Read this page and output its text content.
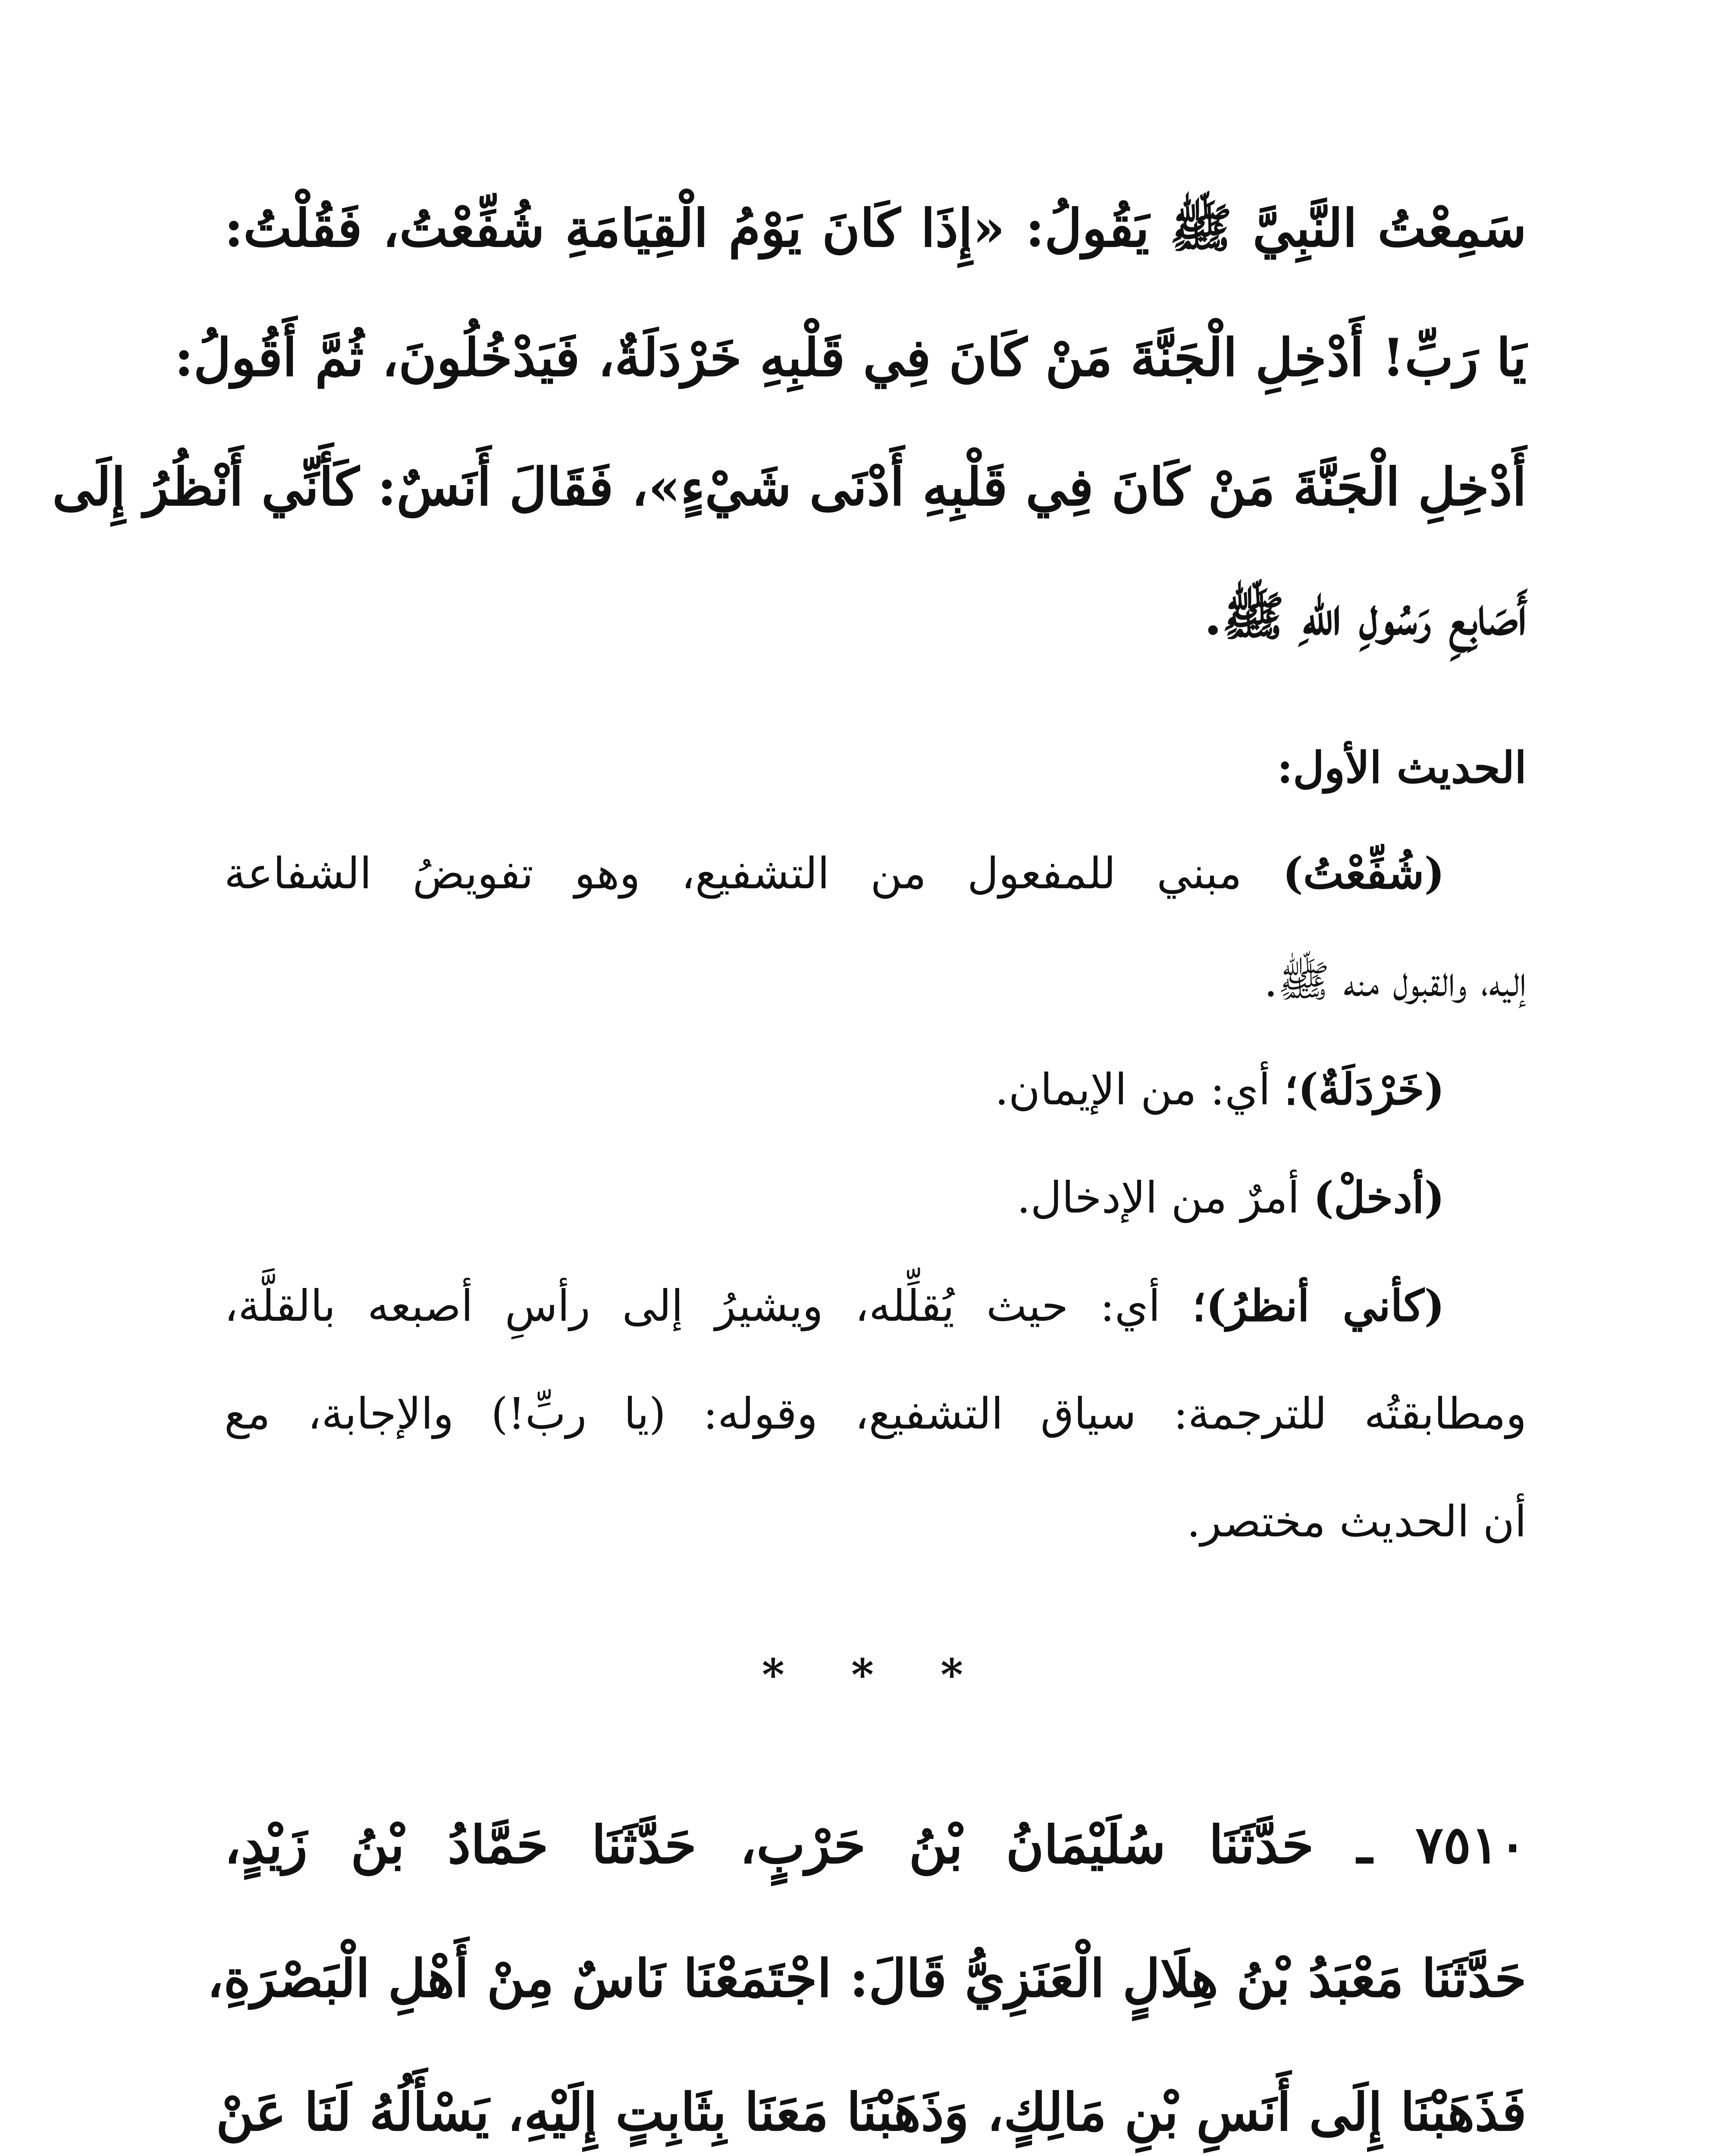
سَمِعْتُ النَّبِيَّ ﷺ يَقُولُ: «إِذَا كَانَ يَوْمُ الْقِيَامَةِ شُفِّعْتُ، فَقُلْتُ:

يَا رَبِّ! أَدْخِلِ الْجَنَّةَ مَنْ كَانَ فِي قَلْبِهِ خَرْدَلَةٌ، فَيَدْخُلُونَ، ثُمَّ أَقُولُ:

أَدْخِلِ الْجَنَّةَ مَنْ كَانَ فِي قَلْبِهِ أَدْنَى شَيْءٍ»، فَقَالَ أَنَسٌ: كَأَنِّي أَنْظُرُ إِلَى

أَصَابِعِ رَسُولِ اللهِ ﷺ.

الحديث الأول:

(شُفِّعْتُ) مبني للمفعول من التشفيع، وهو تفويضُ الشفاعة

إليه، والقبول منه ﷺ.

(خَرْدَلَةٌ)؛ أي: من الإيمان.

(أدخلْ) أمرٌ من الإدخال.

(كأني أنظرُ)؛ أي: حيث يُقلِّله، ويشيرُ إلى رأسِ أصبعه بالقلَّة،

ومطابقتُه للترجمة: سياق التشفيع، وقوله: (يا ربِّ!) والإجابة، مع

أن الحديث مختصر.

* * *

٧٥١٠ ـ حَدَّثَنَا سُلَيْمَانُ بْنُ حَرْبٍ، حَدَّثَنَا حَمَّادُ بْنُ زَيْدٍ،

حَدَّثَنَا مَعْبَدُ بْنُ هِلَالٍ الْعَنَزِيُّ قَالَ: اجْتَمَعْنَا نَاسٌ مِنْ أَهْلِ الْبَصْرَةِ،

فَذَهَبْنَا إِلَى أَنَسِ بْنِ مَالِكٍ، وَذَهَبْنَا مَعَنَا بِثَابِتٍ إِلَيْهِ، يَسْأَلُهُ لَنَا عَنْ
